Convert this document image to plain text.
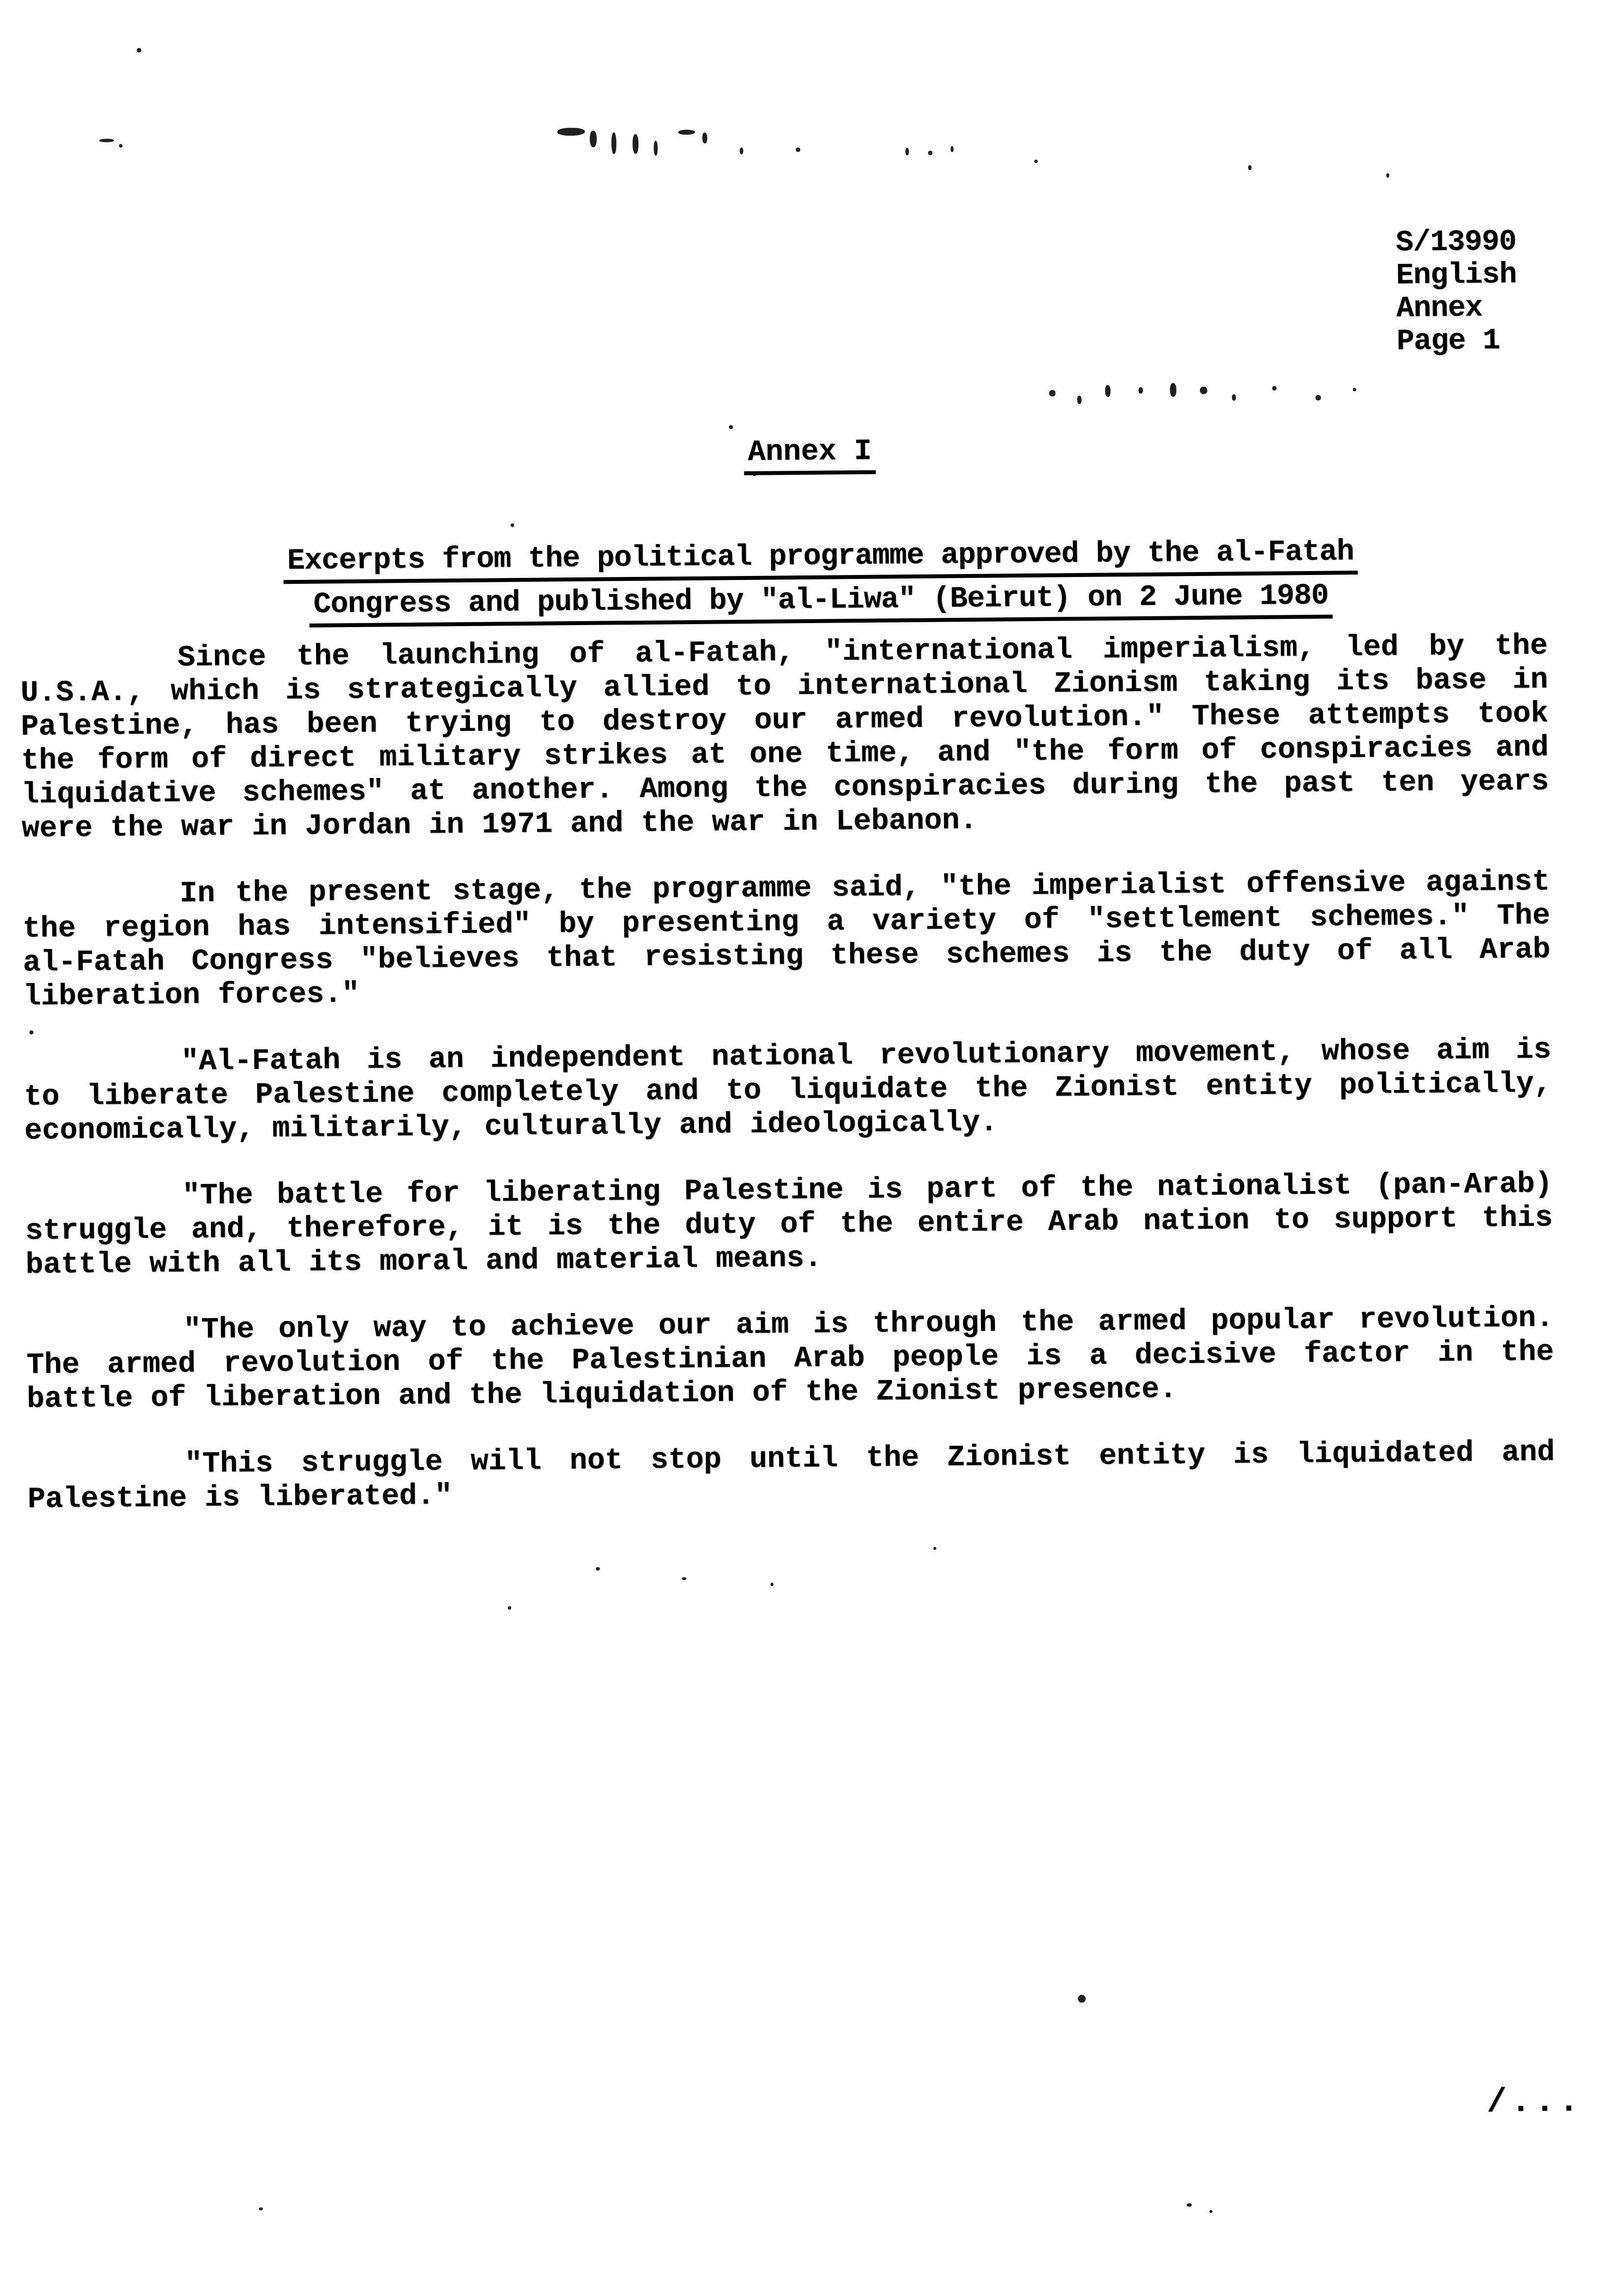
S/13990
English
Annex
Page 1
Annex I
Excerpts from the political programme approved by the al-Fatah
Congress and published by "al-Liwa" (Beirut) on 2 June 1980
Since the launching of al-Fatah, "international imperialism, led by the
U.S.A., which is strategically allied to international Zionism taking its base in
Palestine, has been trying to destroy our armed revolution." These attempts took
the form of direct military strikes at one time, and "the form of conspiracies and
liquidative schemes" at another. Among the conspiracies during the past ten years
were the war in Jordan in 1971 and the war in Lebanon.
In the present stage, the programme said, "the imperialist offensive against
the region has intensified" by presenting a variety of "settlement schemes." The
al-Fatah Congress "believes that resisting these schemes is the duty of all Arab
liberation forces."
"Al-Fatah is an independent national revolutionary movement, whose aim is
to liberate Palestine completely and to liquidate the Zionist entity politically,
economically, militarily, culturally and ideologically.
"The battle for liberating Palestine is part of the nationalist (pan-Arab)
struggle and, therefore, it is the duty of the entire Arab nation to support this
battle with all its moral and material means.
"The only way to achieve our aim is through the armed popular revolution.
The armed revolution of the Palestinian Arab people is a decisive factor in the
battle of liberation and the liquidation of the Zionist presence.
"This struggle will not stop until the Zionist entity is liquidated and
Palestine is liberated."
/...
